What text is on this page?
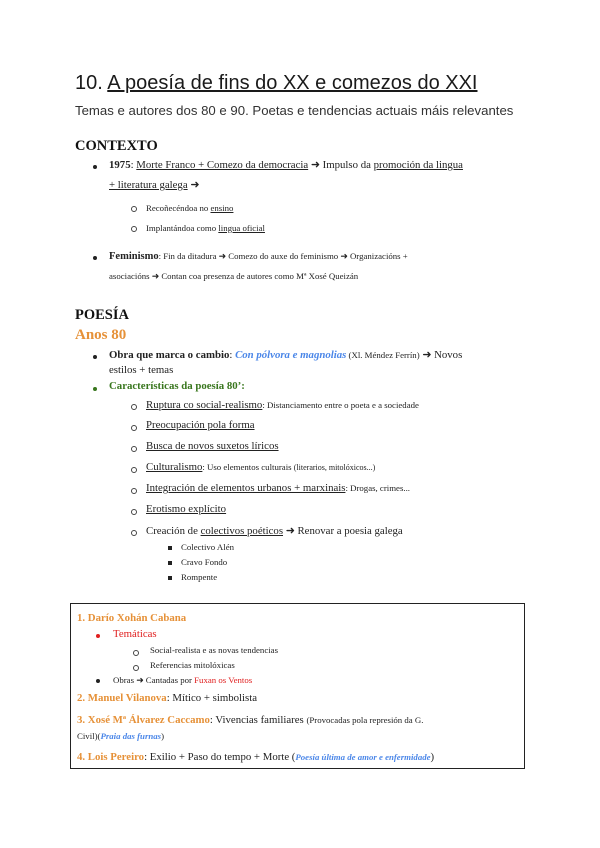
10. A poesía de fins do XX e comezos do XXI
Temas e autores dos 80 e 90. Poetas e tendencias actuais máis relevantes
CONTEXTO
1975: Morte Franco + Comezo da democracia ➜ Impulso da promoción da lingua
+ literatura galega ➜
Recoñecéndoa no ensino
Implantándoa como lingua oficial
Feminismo: Fin da ditadura ➜ Comezo do auxe do feminismo ➜ Organizacións +
asociacións ➜ Contan coa presenza de autores como Mª Xosé Queizán
POESÍA
Anos 80
Obra que marca o cambio: Con pólvora e magnolias (Xl. Méndez Ferrín) ➜ Novos
estilos + temas
Características da poesía 80’:
Ruptura co social-realismo: Distanciamento entre o poeta e a sociedade
Preocupación pola forma
Busca de novos suxetos líricos
Culturalismo: Uso elementos culturais (literarios, mitolóxicos...)
Integración de elementos urbanos + marxinais: Drogas, crimes...
Erotismo explícito
Creación de colectivos poéticos ➜ Renovar a poesia galega
Colectivo Alén
Cravo Fondo
Rompente
1. Darío Xohán Cabana
Temáticas
Social-realista e as novas tendencias
Referencias mitolóxicas
Obras ➜ Cantadas por Fuxan os Ventos
2. Manuel Vilanova: Mítico + simbolista
3. Xosé Mª Álvarez Caccamo: Vivencias familiares (Provocadas pola represión da G.
Civil)(Praia das furnas)
4. Lois Pereiro: Exilio + Paso do tempo + Morte (Poesía última de amor e enfermidade)
